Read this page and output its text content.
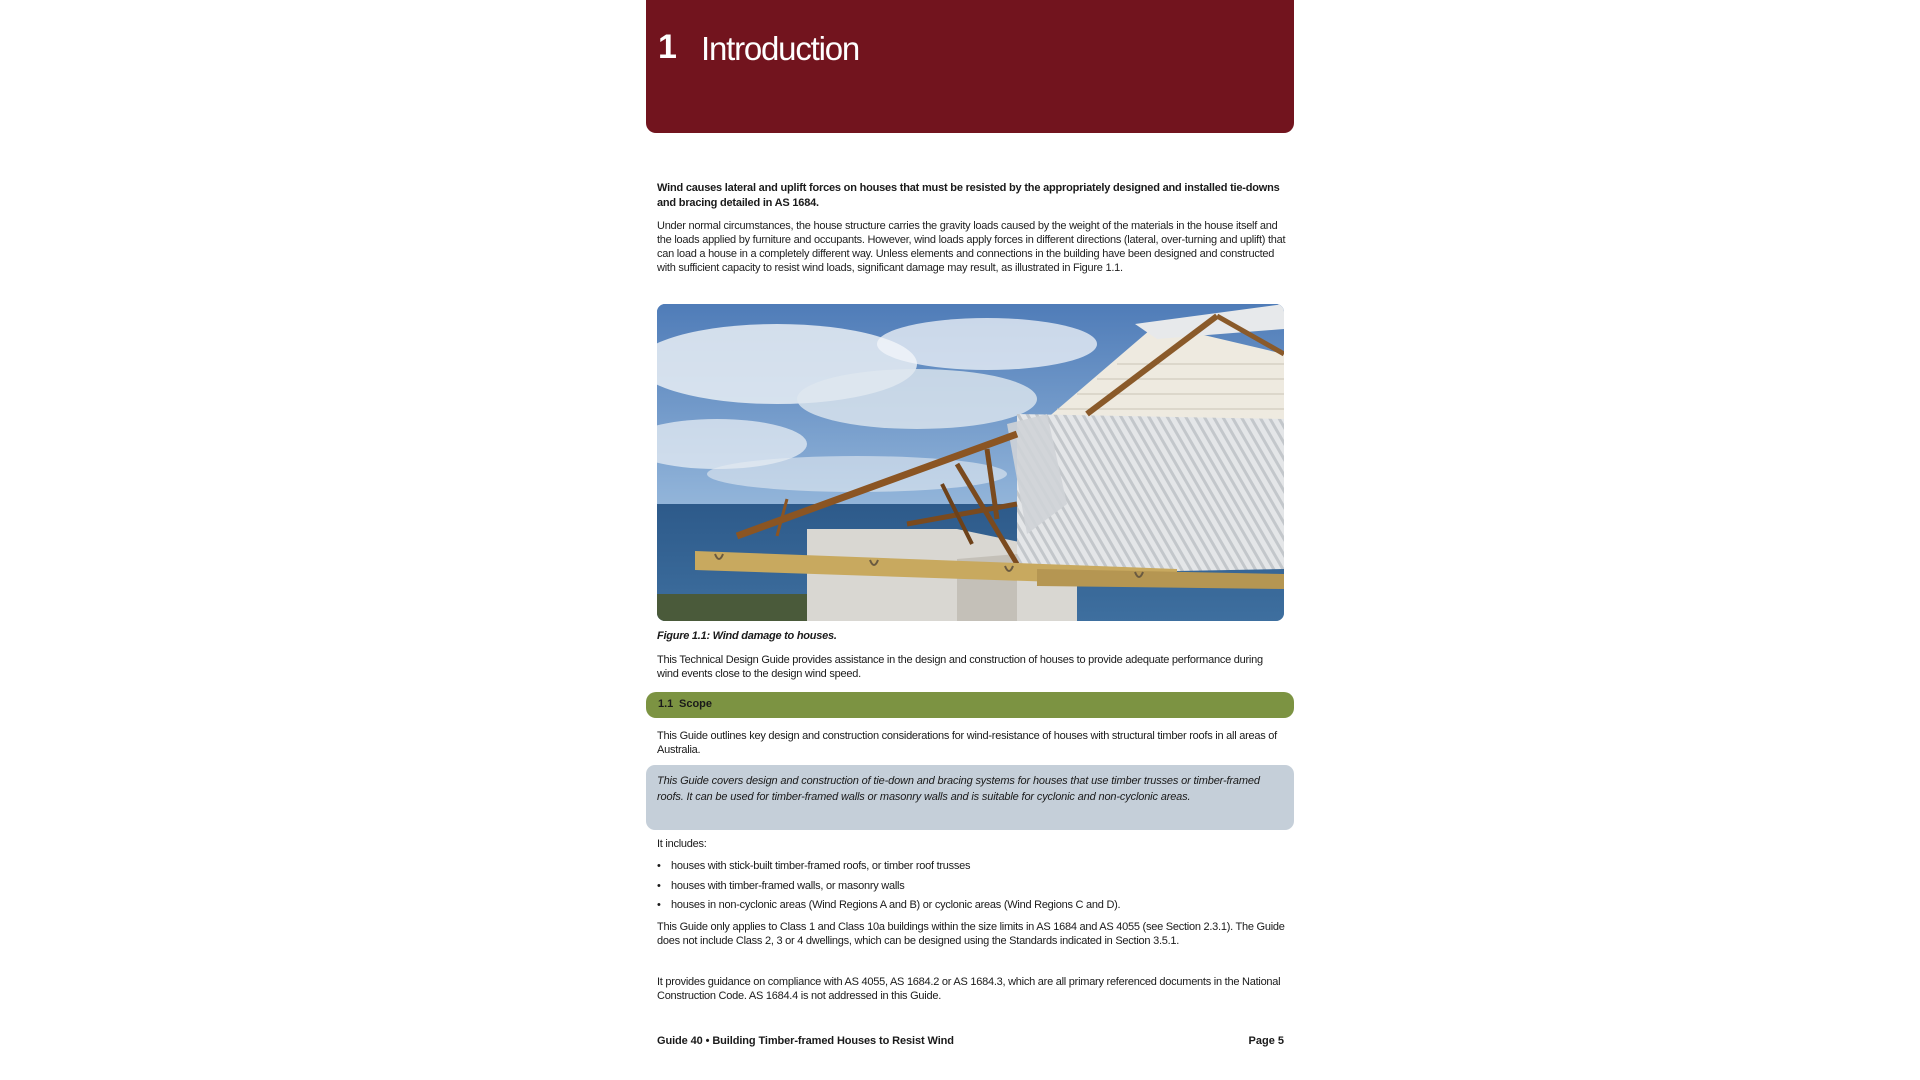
1 Introduction
Wind causes lateral and uplift forces on houses that must be resisted by the appropriately designed and installed tie-downs and bracing detailed in AS 1684.
Under normal circumstances, the house structure carries the gravity loads caused by the weight of the materials in the house itself and the loads applied by furniture and occupants. However, wind loads apply forces in different directions (lateral, over-turning and uplift) that can load a house in a completely different way. Unless elements and connections in the building have been designed and constructed with sufficient capacity to resist wind loads, significant damage may result, as illustrated in Figure 1.1.
Figure 1.1: Wind damage to houses.
This Technical Design Guide provides assistance in the design and construction of houses to provide adequate performance during wind events close to the design wind speed.
1.1 Scope
This Guide outlines key design and construction considerations for wind-resistance of houses with structural timber roofs in all areas of Australia.
This Guide covers design and construction of tie-down and bracing systems for houses that use timber trusses or timber-framed roofs. It can be used for timber-framed walls or masonry walls and is suitable for cyclonic and non-cyclonic areas.
It includes:
• houses with stick-built timber-framed roofs, or timber roof trusses
• houses with timber-framed walls, or masonry walls
• houses in non-cyclonic areas (Wind Regions A and B) or cyclonic areas (Wind Regions C and D).
This Guide only applies to Class 1 and Class 10a buildings within the size limits in AS 1684 and AS 4055 (see Section 2.3.1). The Guide does not include Class 2, 3 or 4 dwellings, which can be designed using the Standards indicated in Section 3.5.1.
It provides guidance on compliance with AS 4055, AS 1684.2 or AS 1684.3, which are all primary referenced documents in the National Construction Code. AS 1684.4 is not addressed in this Guide.
Guide 40 • Building Timber-framed Houses to Resist Wind	Page 5
